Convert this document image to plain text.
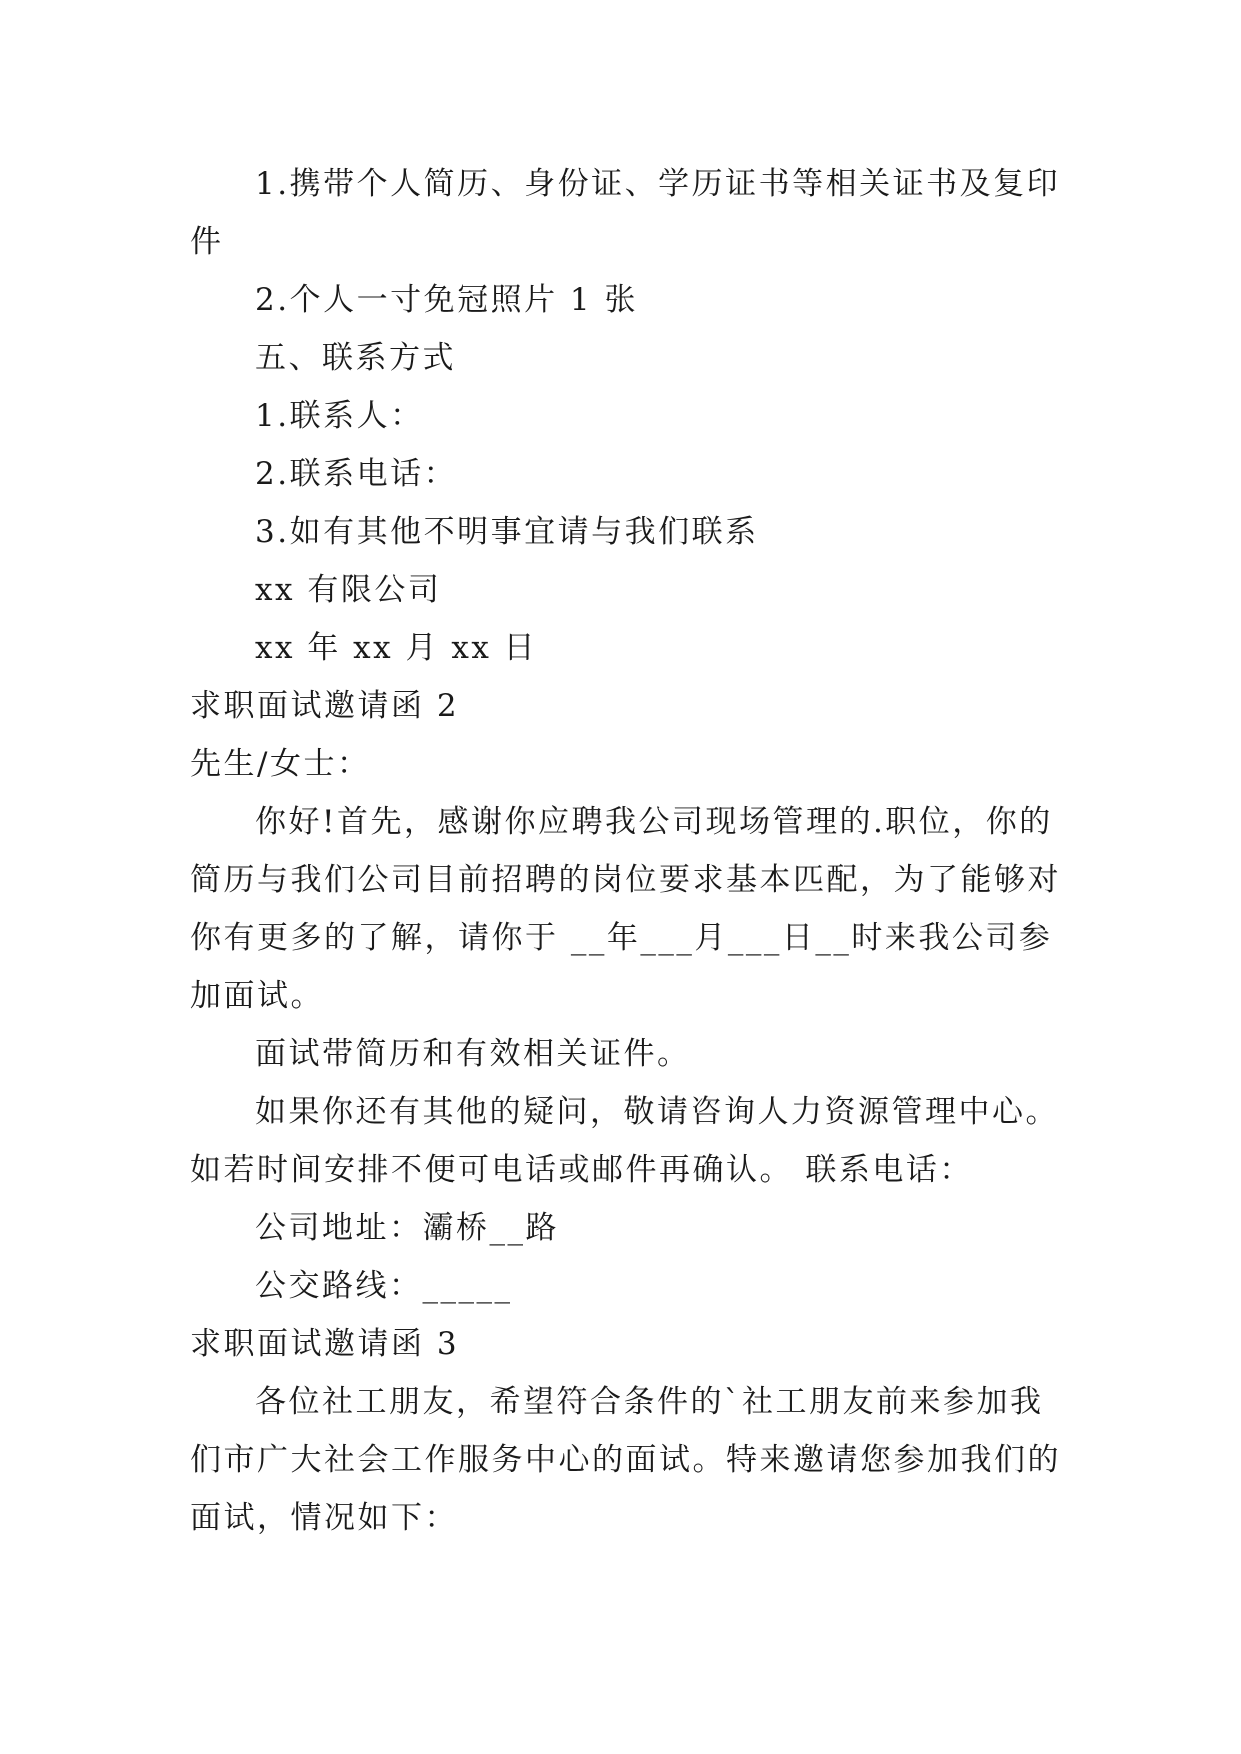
1.携带个人简历、身份证、学历证书等相关证书及复印
件
2.个人一寸免冠照片 1 张
五、联系方式
1.联系人：
2.联系电话：
3.如有其他不明事宜请与我们联系
xx 有限公司
xx 年 xx 月 xx 日
求职面试邀请函 2
先生/女士：
你好!首先，感谢你应聘我公司现场管理的.职位，你的
简历与我们公司目前招聘的岗位要求基本匹配，为了能够对
你有更多的了解，请你于 __年___月___日__时来我公司参
加面试。
面试带简历和有效相关证件。
如果你还有其他的疑问，敬请咨询人力资源管理中心。
如若时间安排不便可电话或邮件再确认。 联系电话：
公司地址：灞桥__路
公交路线：_____
求职面试邀请函 3
各位社工朋友，希望符合条件的`社工朋友前来参加我
们市广大社会工作服务中心的面试。特来邀请您参加我们的
面试，情况如下：
